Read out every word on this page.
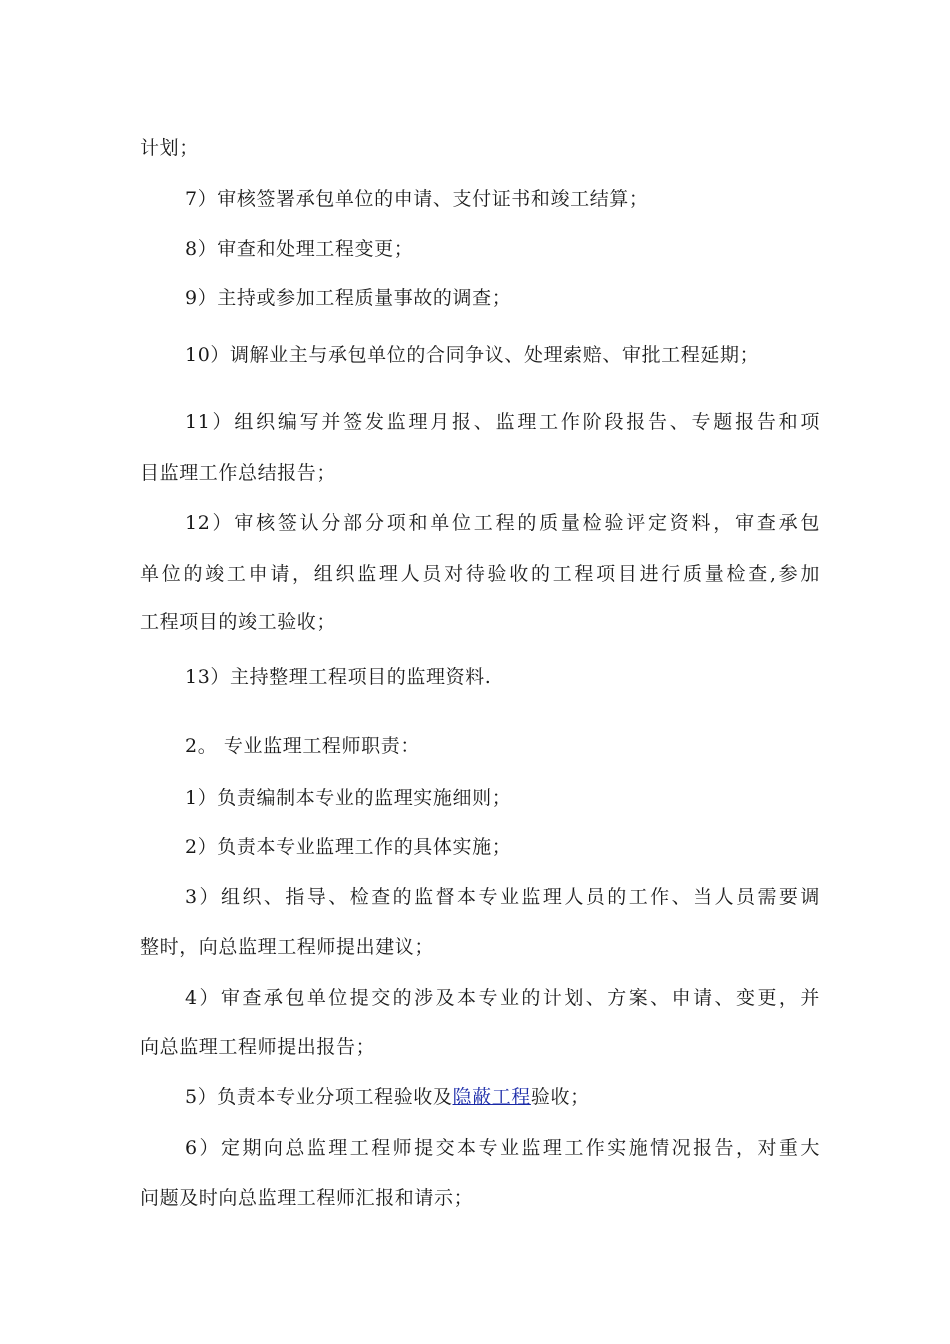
计划；
7）审核签署承包单位的申请、支付证书和竣工结算；
8）审查和处理工程变更；
9）主持或参加工程质量事故的调查；
10）调解业主与承包单位的合同争议、处理索赔、审批工程延期；
11）组织编写并签发监理月报、监理工作阶段报告、专题报告和项
目监理工作总结报告；
12）审核签认分部分项和单位工程的质量检验评定资料，审查承包
单位的竣工申请，组织监理人员对待验收的工程项目进行质量检查,参加
工程项目的竣工验收；
13）主持整理工程项目的监理资料.
2。 专业监理工程师职责：
1）负责编制本专业的监理实施细则；
2）负责本专业监理工作的具体实施；
3）组织、指导、检查的监督本专业监理人员的工作、当人员需要调
整时，向总监理工程师提出建议；
4）审查承包单位提交的涉及本专业的计划、方案、申请、变更，并
向总监理工程师提出报告；
5）负责本专业分项工程验收及隐蔽工程验收；
6）定期向总监理工程师提交本专业监理工作实施情况报告，对重大
问题及时向总监理工程师汇报和请示；
